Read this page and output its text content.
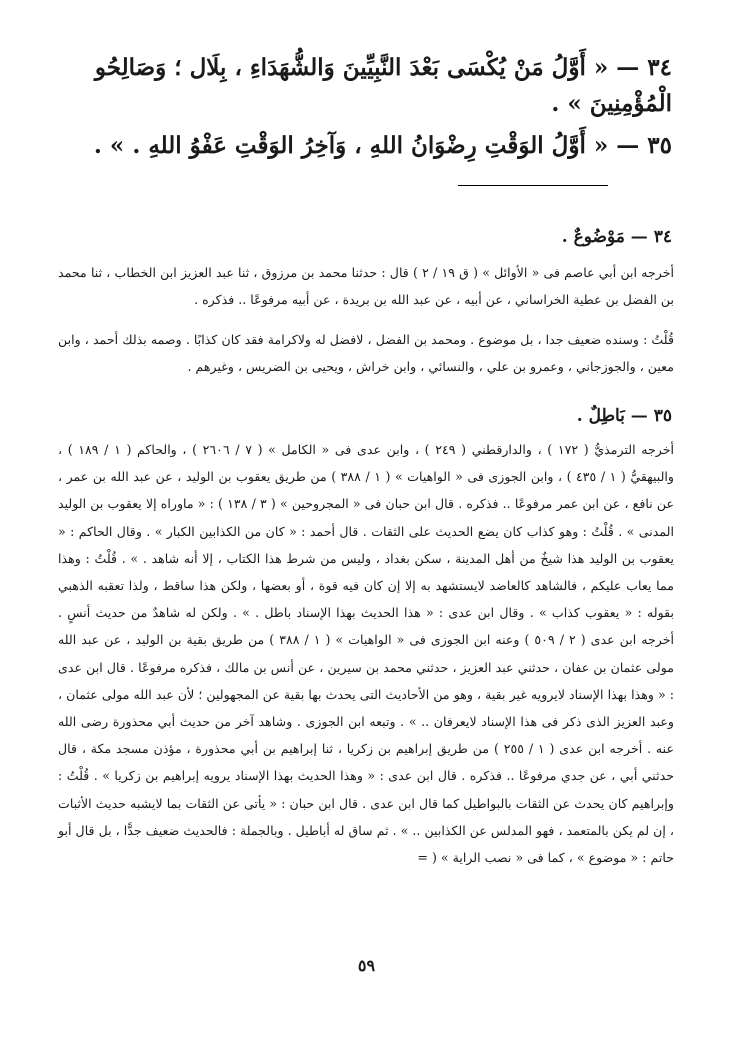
٣٤ — « أَوَّلُ مَنْ يُكْسَى بَعْدَ النَّبِيِّينَ وَالشُّهَدَاءِ ، بِلَال ؛ وَصَالِحُو الْمُؤْمِنِينَ » .
٣٥ — « أَوَّلُ الوَقْتِ رِضْوَانُ اللهِ ، وَآخِرُ الوَقْتِ عَفْوُ اللهِ . » .
٣٤ — مَوْضُوعٌ .
أخرجه ابن أبي عاصم فى « الأوائل » ( ق ١٩ / ٢ ) قال : حدثنا محمد بن مرزوق ، ثنا عبد العزيز ابن الخطاب ، ثنا محمد بن الفضل بن عطية الخراساني ، عن أبيه ، عن عبد الله بن بريدة ، عن أبيه مرفوعًا .. فذكره .
قُلْتُ : وسنده ضعيف جدا ، بل موضوع . ومحمد بن الفضل ، لافضل له ولاكرامة فقد كان كذابًا . وصمه بذلك أحمد ، وابن معين ، والجوزجاني ، وعمرو بن علي ، والنسائي ، وابن خراش ، ويحيى بن الضريس ، وغيرهم .
٣٥ — بَاطِلٌ .
أخرجه الترمذيُّ ( ١٧٢ ) ، والدارقطني ( ٢٤٩ ) ، وابن عدى فى « الكامل » ( ٧ / ٢٦٠٦ ) ، والحاكم ( ١ / ١٨٩ ) ، والبيهقيُّ ( ١ / ٤٣٥ ) ، وابن الجوزى فى « الواهيات » ( ١ / ٣٨٨ ) من طريق يعقوب بن الوليد ، عن عبد الله بن عمر ، عن نافع ، عن ابن عمر مرفوعًا .. فذكره . قال ابن حبان فى « المجروحين » ( ٣ / ١٣٨ ) : « ماوراه إلا يعقوب بن الوليد المدنى » . قُلْتُ : وهو كذاب كان يضع الحديث على الثقات . قال أحمد : « كان من الكذابين الكبار » . وقال الحاكم : « يعقوب بن الوليد هذا شيخٌ من أهل المدينة ، سكن بغداد ، وليس من شرط هذا الكتاب ، إلا أنه شاهد . » . قُلْتُ : وهذا مما يعاب عليكم ، فالشاهد كالعاضد لايستشهد به إلا إن كان فيه قوة ، أو بعضها ، ولكن هذا ساقط ، ولذا تعقبه الذهبي بقوله : « يعقوب كذاب » . وقال ابن عدى : « هذا الحديث بهذا الإسناد باطل . » . ولكن له شاهدٌ من حديث أنسٍ . أخرجه ابن عدى ( ٢ / ٥٠٩ ) وعنه ابن الجوزى فى « الواهيات » ( ١ / ٣٨٨ ) من طريق بقية بن الوليد ، عن عبد الله مولى عثمان بن عفان ، حدثني عبد العزيز ، حدثني محمد بن سيرين ، عن أنس بن مالك ، فذكره مرفوعًا . قال ابن عدى : « وهذا بهذا الإسناد لايرويه غير بقية ، وهو من الأحاديث التى يحدث بها بقية عن المجهولين ؛ لأن عبد الله مولى عثمان ، وعبد العزيز الذى ذكر فى هذا الإسناد لايعرفان .. » . وتبعه ابن الجوزى . وشاهد آخر من حديث أبي محذورة رضى الله عنه . أخرجه ابن عدى ( ١ / ٢٥٥ ) من طريق إبراهيم بن زكريا ، ثنا إبراهيم بن أبي محذورة ، مؤذن مسجد مكة ، قال حدثني أبي ، عن جدي مرفوعًا .. فذكره . قال ابن عدى : « وهذا الحديث بهذا الإسناد يرويه إبراهيم بن زكريا » . قُلْتُ : وإبراهيم كان يحدث عن الثقات بالبواطيل كما قال ابن عدى . قال ابن حبان : « يأتى عن الثقات بما لايشبه حديث الأثبات ، إن لم يكن بالمتعمد ، فهو المدلس عن الكذابين .. » . ثم ساق له أباطيل . وبالجملة : فالحديث ضعيف جدًّا ، بل قال أبو حاتم : « موضوع » ، كما فى « نصب الراية » ( =
٥٩
